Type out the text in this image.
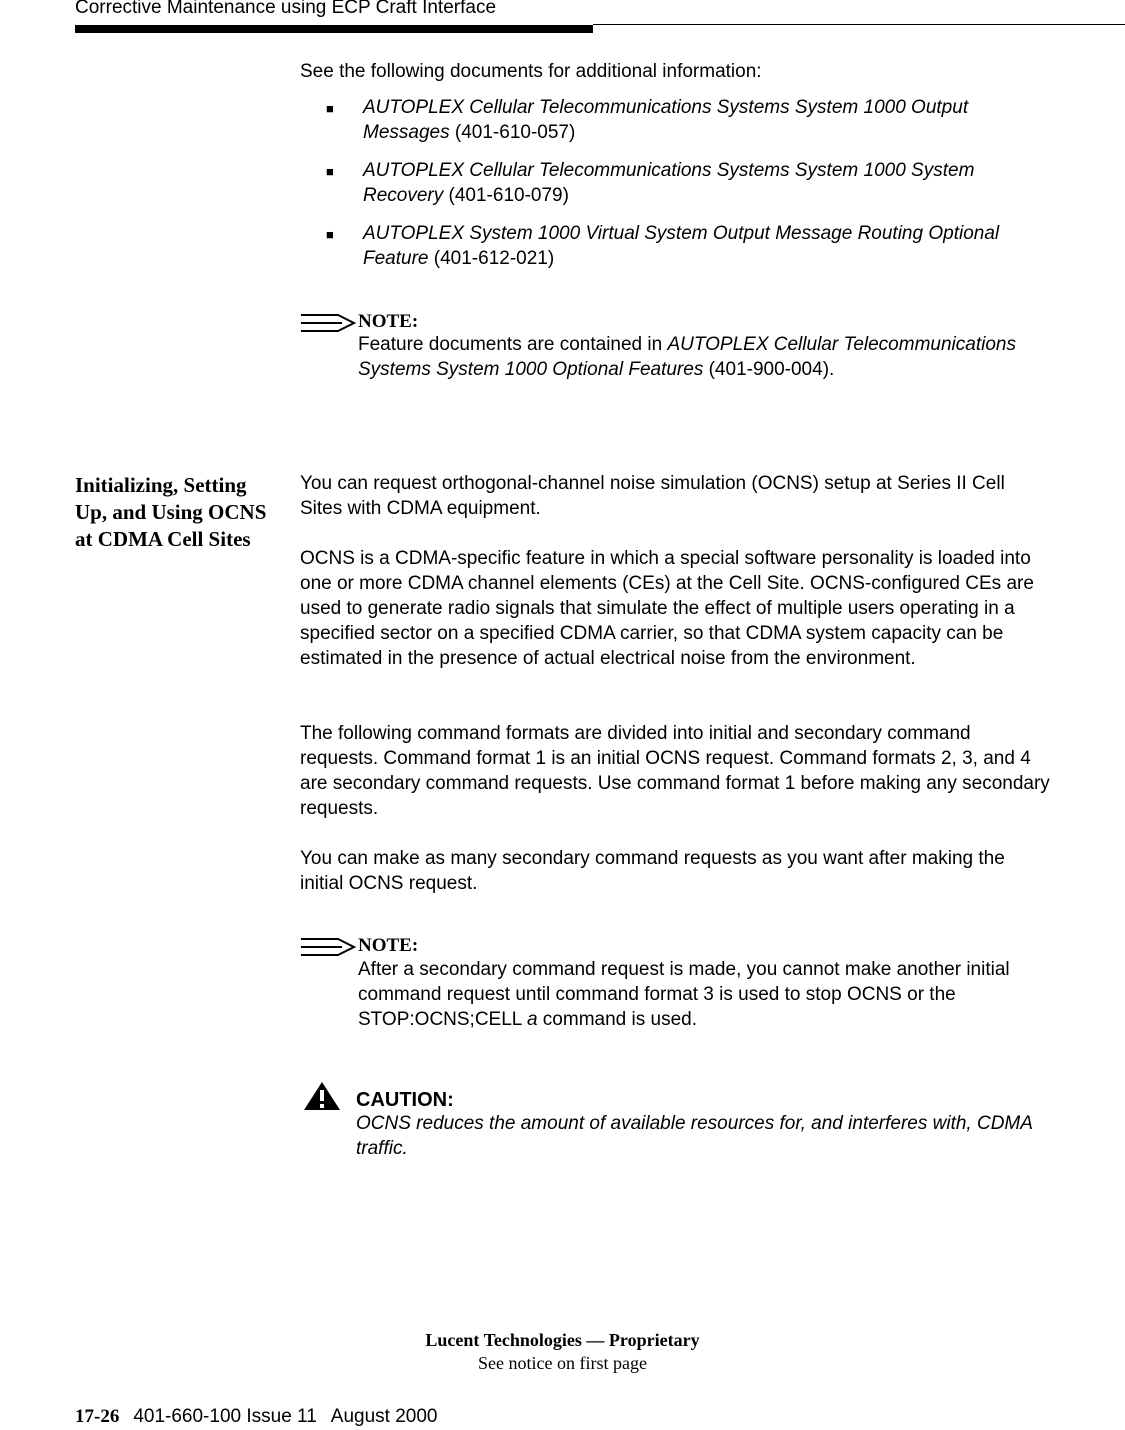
Corrective Maintenance using ECP Craft Interface
See the following documents for additional information:
■ AUTOPLEX Cellular Telecommunications Systems System 1000 Output Messages (401-610-057)
■ AUTOPLEX Cellular Telecommunications Systems System 1000 System Recovery (401-610-079)
■ AUTOPLEX System 1000 Virtual System Output Message Routing Optional Feature (401-612-021)
NOTE:
Feature documents are contained in AUTOPLEX Cellular Telecommunications Systems System 1000 Optional Features (401-900-004).
Initializing, Setting Up, and Using OCNS at CDMA Cell Sites
You can request orthogonal-channel noise simulation (OCNS) setup at Series II Cell Sites with CDMA equipment.
OCNS is a CDMA-specific feature in which a special software personality is loaded into one or more CDMA channel elements (CEs) at the Cell Site. OCNS-configured CEs are used to generate radio signals that simulate the effect of multiple users operating in a specified sector on a specified CDMA carrier, so that CDMA system capacity can be estimated in the presence of actual electrical noise from the environment.
The following command formats are divided into initial and secondary command requests. Command format 1 is an initial OCNS request. Command formats 2, 3, and 4 are secondary command requests. Use command format 1 before making any secondary requests.
You can make as many secondary command requests as you want after making the initial OCNS request.
NOTE:
After a secondary command request is made, you cannot make another initial command request until command format 3 is used to stop OCNS or the STOP:OCNS;CELL a command is used.
CAUTION:
OCNS reduces the amount of available resources for, and interferes with, CDMA traffic.
Lucent Technologies — Proprietary
See notice on first page
17-26 401-660-100 Issue 11 August 2000
